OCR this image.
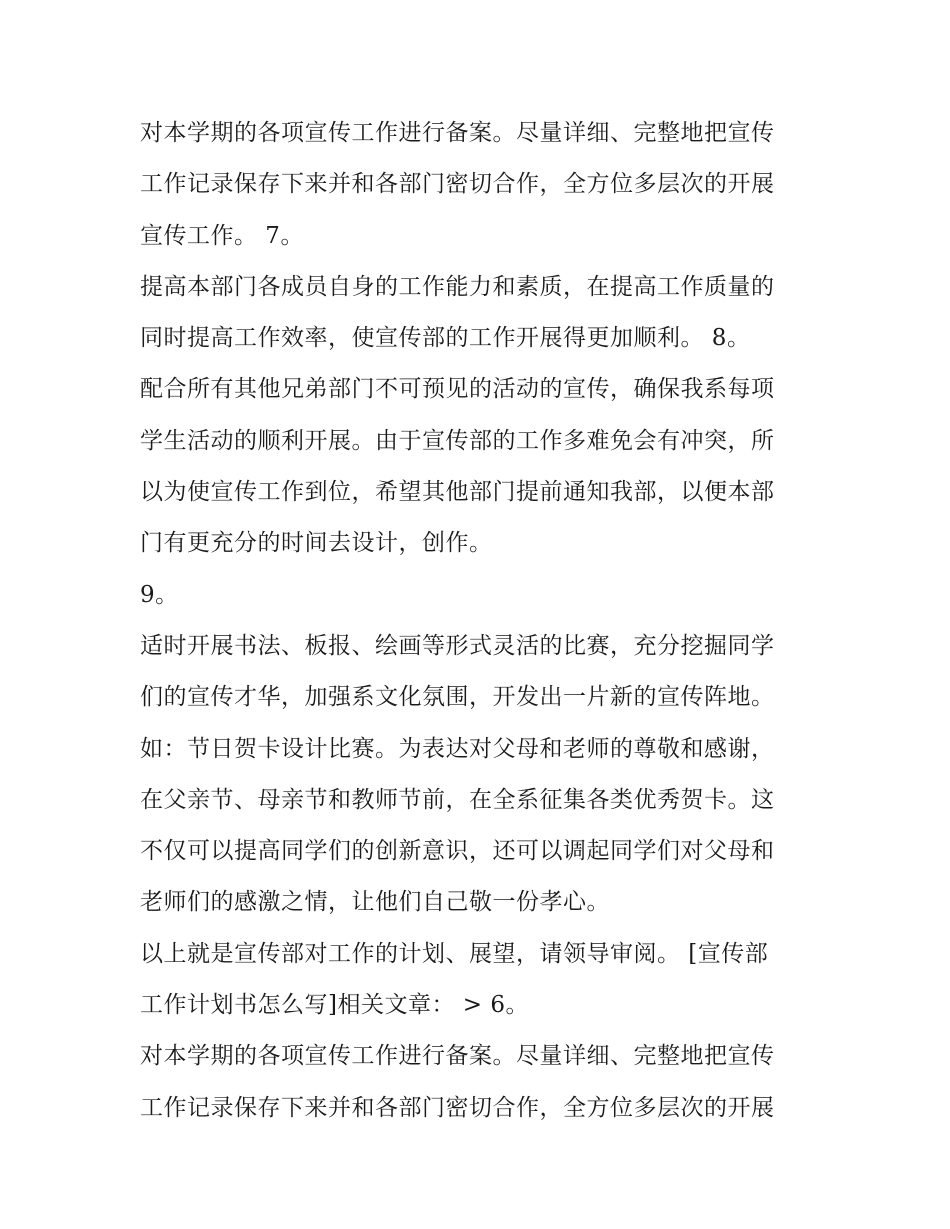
对本学期的各项宣传工作进行备案。尽量详细、完整地把宣传
工作记录保存下来并和各部门密切合作，全方位多层次的开展
宣传工作。 7。
提高本部门各成员自身的工作能力和素质，在提高工作质量的
同时提高工作效率，使宣传部的工作开展得更加顺利。 8。
配合所有其他兄弟部门不可预见的活动的宣传，确保我系每项
学生活动的顺利开展。由于宣传部的工作多难免会有冲突，所
以为使宣传工作到位，希望其他部门提前通知我部，以便本部
门有更充分的时间去设计，创作。
9。
适时开展书法、板报、绘画等形式灵活的比赛，充分挖掘同学
们的宣传才华，加强系文化氛围，开发出一片新的宣传阵地。
如：节日贺卡设计比赛。为表达对父母和老师的尊敬和感谢，
在父亲节、母亲节和教师节前，在全系征集各类优秀贺卡。这
不仅可以提高同学们的创新意识，还可以调起同学们对父母和
老师们的感激之情，让他们自己敬一份孝心。
以上就是宣传部对工作的计划、展望，请领导审阅。 [宣传部
工作计划书怎么写]相关文章： > 6。
对本学期的各项宣传工作进行备案。尽量详细、完整地把宣传
工作记录保存下来并和各部门密切合作，全方位多层次的开展
